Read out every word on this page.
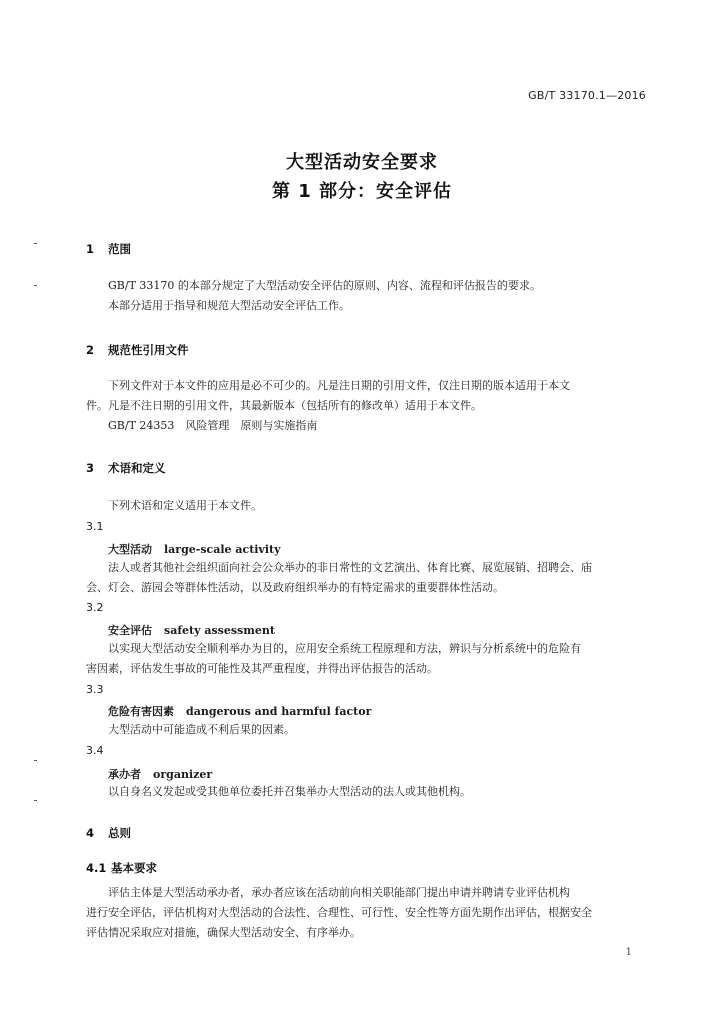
GB/T 33170.1—2016
大型活动安全要求
第 1 部分：安全评估
1 范围
GB/T 33170 的本部分规定了大型活动安全评估的原则、内容、流程和评估报告的要求。
本部分适用于指导和规范大型活动安全评估工作。
2 规范性引用文件
下列文件对于本文件的应用是必不可少的。凡是注日期的引用文件，仅注日期的版本适用于本文
件。凡是不注日期的引用文件，其最新版本（包括所有的修改单）适用于本文件。
GB/T 24353　风险管理　原则与实施指南
3 术语和定义
下列术语和定义适用于本文件。
3.1
大型活动 large-scale activity
法人或者其他社会组织面向社会公众举办的非日常性的文艺演出、体育比赛、展览展销、招聘会、庙
会、灯会、游园会等群体性活动，以及政府组织举办的有特定需求的重要群体性活动。
3.2
安全评估 safety assessment
以实现大型活动安全顺利举办为目的，应用安全系统工程原理和方法，辨识与分析系统中的危险有
害因素，评估发生事故的可能性及其严重程度，并得出评估报告的活动。
3.3
危险有害因素 dangerous and harmful factor
大型活动中可能造成不利后果的因素。
3.4
承办者 organizer
以自身名义发起或受其他单位委托并召集举办大型活动的法人或其他机构。
4 总则
4.1 基本要求
评估主体是大型活动承办者，承办者应该在活动前向相关职能部门提出申请并聘请专业评估机构
进行安全评估，评估机构对大型活动的合法性、合理性、可行性、安全性等方面先期作出评估，根据安全
评估情况采取应对措施，确保大型活动安全、有序举办。
1
